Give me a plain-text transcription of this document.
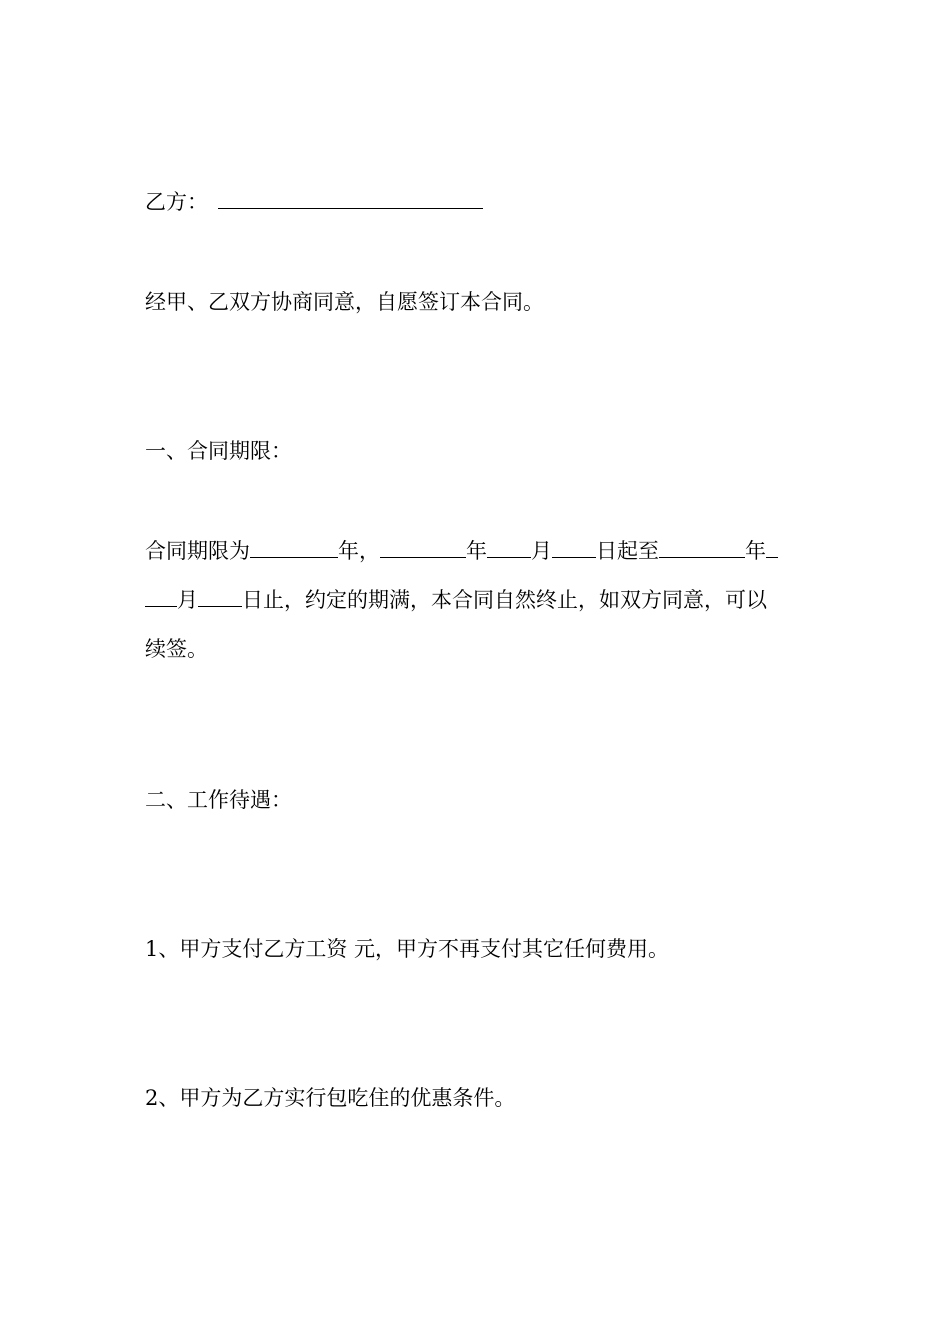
乙方：
经甲、乙双方协商同意，自愿签订本合同。
一、合同期限：
合同期限为	年，	年 月 日起至	年
月 日止，约定的期满，本合同自然终止，如双方同意，可以
续签。
二、工作待遇：
1、甲方支付乙方工资 元，甲方不再支付其它任何费用。
2、甲方为乙方实行包吃住的优惠条件。
